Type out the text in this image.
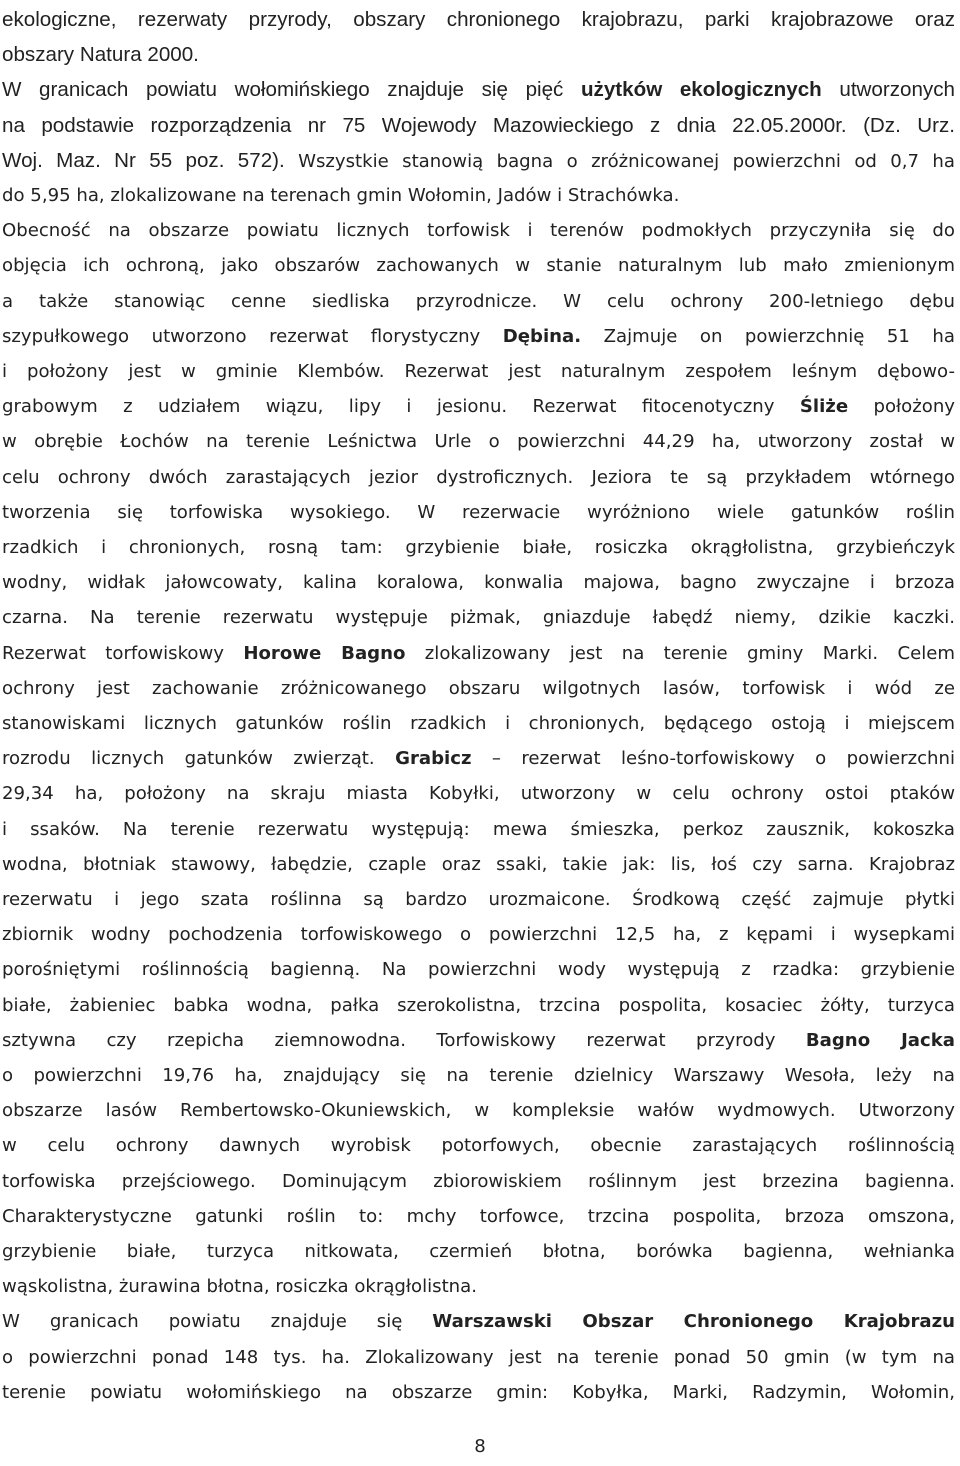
ekologiczne, rezerwaty przyrody, obszary chronionego krajobrazu, parki krajobrazowe oraz
obszary Natura 2000.
W granicach powiatu wołomińskiego znajduje się pięć użytków ekologicznych utworzonych
na podstawie rozporządzenia nr 75 Wojewody Mazowieckiego z dnia 22.05.2000r. (Dz. Urz.
Woj. Maz. Nr 55 poz. 572). Wszystkie stanowią bagna o zróżnicowanej powierzchni od 0,7 ha
do 5,95 ha, zlokalizowane na terenach gmin Wołomin, Jadów i Strachówka.
Obecność na obszarze powiatu licznych torfowisk i terenów podmokłych przyczyniła się do
objęcia ich ochroną, jako obszarów zachowanych w stanie naturalnym lub mało zmienionym
a także stanowiąc cenne siedliska przyrodnicze. W celu ochrony 200-letniego dębu
szypułkowego utworzono rezerwat florystyczny Dębina. Zajmuje on powierzchnię 51 ha
i położony jest w gminie Klembów. Rezerwat jest naturalnym zespołem leśnym dębowo-
grabowym z udziałem wiązu, lipy i jesionu. Rezerwat fitocenotyczny Śliże położony
w obrębie Łochów na terenie Leśnictwa Urle o powierzchni 44,29 ha, utworzony został w
celu ochrony dwóch zarastających jezior dystroficznych. Jeziora te są przykładem wtórnego
tworzenia się torfowiska wysokiego. W rezerwacie wyróżniono wiele gatunków roślin
rzadkich i chronionych, rosną tam: grzybienie białe, rosiczka okrągłolistna, grzybieńczyk
wodny, widłak jałowcowaty, kalina koralowa, konwalia majowa, bagno zwyczajne i brzoza
czarna. Na terenie rezerwatu występuje piżmak, gniazduje łabędź niemy, dzikie kaczki.
Rezerwat torfowiskowy Horowe Bagno zlokalizowany jest na terenie gminy Marki. Celem
ochrony jest zachowanie zróżnicowanego obszaru wilgotnych lasów, torfowisk i wód ze
stanowiskami licznych gatunków roślin rzadkich i chronionych, będącego ostoją i miejscem
rozrodu licznych gatunków zwierząt. Grabicz – rezerwat leśno-torfowiskowy o powierzchni
29,34 ha, położony na skraju miasta Kobyłki, utworzony w celu ochrony ostoi ptaków
i ssaków. Na terenie rezerwatu występują: mewa śmieszka, perkoz zausznik, kokoszka
wodna, błotniak stawowy, łabędzie, czaple oraz ssaki, takie jak: lis, łoś czy sarna. Krajobraz
rezerwatu i jego szata roślinna są bardzo urozmaicone. Środkową część zajmuje płytki
zbiornik wodny pochodzenia torfowiskowego o powierzchni 12,5 ha, z kępami i wysepkami
porośniętymi roślinnością bagienną. Na powierzchni wody występują z rzadka: grzybienie
białe, żabieniec babka wodna, pałka szerokolistna, trzcina pospolita, kosaciec żółty, turzyca
sztywna czy rzepicha ziemnowodna. Torfowiskowy rezerwat przyrody Bagno Jacka
o powierzchni 19,76 ha, znajdujący się na terenie dzielnicy Warszawy Wesoła, leży na
obszarze lasów Rembertowsko-Okuniewskich, w kompleksie wałów wydmowych. Utworzony
w celu ochrony dawnych wyrobisk potorfowych, obecnie zarastających roślinnością
torfowiska przejściowego. Dominującym zbiorowiskiem roślinnym jest brzezina bagienna.
Charakterystyczne gatunki roślin to: mchy torfowce, trzcina pospolita, brzoza omszona,
grzybienie białe, turzyca nitkowata, czermień błotna, borówka bagienna, wełnianka
wąskolistna, żurawina błotna, rosiczka okrągłolistna.
W granicach powiatu znajduje się Warszawski Obszar Chronionego Krajobrazu
o powierzchni ponad 148 tys. ha. Zlokalizowany jest na terenie ponad 50 gmin (w tym na
terenie powiatu wołomińskiego na obszarze gmin: Kobyłka, Marki, Radzymin, Wołomin,
8
